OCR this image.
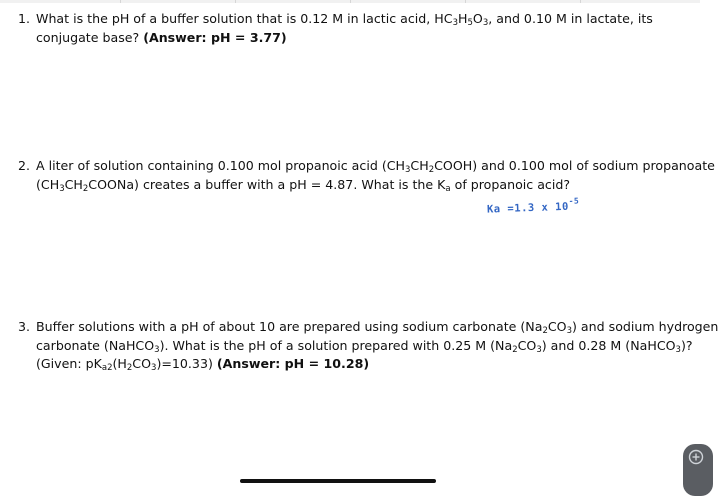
1. What is the pH of a buffer solution that is 0.12 M in lactic acid, $HC_3H_5O_3$, and 0.10 M in lactate, its

conjugate base? (Answer: pH = 3.77)

2. A liter of solution containing 0.100 mol propanoic acid $(CH_3CH_2COOH)$ and 0.100 mol of sodium propanoate

$(CH_3CH_2COONa)$ creates a buffer with a pH = 4.87. What is the $K_a$ of propanoic acid?

Ka =1.3 x $10^{-5}$
3. Buffer solutions with a pH of about 10 are prepared using sodium carbonate $(Na_2CO_3)$ and sodium hydrogen

carbonate (NaHCO$_3$). What is the pH of a solution prepared with 0.25 M $(Na_2CO_3)$ and 0.28 M (NaHCO$_3$)?

(Given: $pK_{a2}(H_2CO_3)=10.33$) (Answer: pH = 10.28)
